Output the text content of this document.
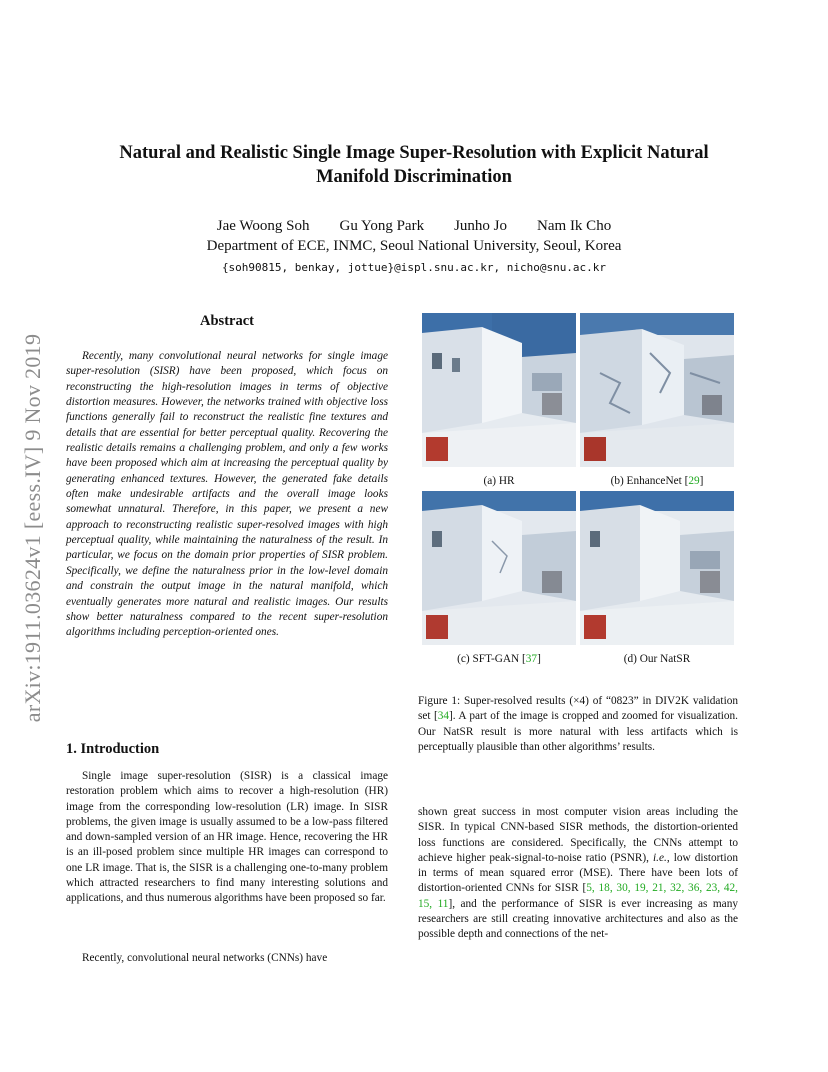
Natural and Realistic Single Image Super-Resolution with Explicit Natural
Manifold Discrimination
Jae Woong Soh Gu Yong Park Junho Jo Nam Ik Cho
Department of ECE, INMC, Seoul National University, Seoul, Korea
{soh90815, benkay, jottue}@ispl.snu.ac.kr, nicho@snu.ac.kr
arXiv:1911.03624v1 [eess.IV] 9 Nov 2019
Abstract

Recently, many convolutional neural networks for single image super-resolution (SISR) have been proposed, which focus on reconstructing the high-resolution images in terms of objective distortion measures. However, the networks trained with objective loss functions generally fail to reconstruct the realistic fine textures and details that are essential for better perceptual quality. Recovering the realistic details remains a challenging problem, and only a few works have been proposed which aim at increasing the perceptual quality by generating enhanced textures. However, the generated fake details often make undesirable artifacts and the overall image looks somewhat unnatural. Therefore, in this paper, we present a new approach to reconstructing realistic super-resolved images with high perceptual quality, while maintaining the naturalness of the result. In particular, we focus on the domain prior properties of SISR problem. Specifically, we define the naturalness prior in the low-level domain and constrain the output image in the natural manifold, which eventually generates more natural and realistic images. Our results show better naturalness compared to the recent super-resolution algorithms including perception-oriented ones.

1. Introduction

Single image super-resolution (SISR) is a classical image restoration problem which aims to recover a high-resolution (HR) image from the corresponding low-resolution (LR) image. In SISR problems, the given image is usually assumed to be a low-pass filtered and down-sampled version of an HR image. Hence, recovering the HR is an ill-posed problem since multiple HR images can correspond to one LR image. That is, the SISR is a challenging one-to-many problem which attracted researchers to find many interesting solutions and applications, and thus numerous algorithms have been proposed so far.

Recently, convolutional neural networks (CNNs) have

(a) HR	(b) EnhanceNet [29]
(c) SFT-GAN [37]	(d) Our NatSR

Figure 1: Super-resolved results (×4) of “0823” in DIV2K validation set [34]. A part of the image is cropped and zoomed for visualization. Our NatSR result is more natural with less artifacts which is perceptually plausible than other algorithms’ results.

shown great success in most computer vision areas including the SISR. In typical CNN-based SISR methods, the distortion-oriented loss functions are considered. Specifically, the CNNs attempt to achieve higher peak-signal-to-noise ratio (PSNR), i.e., low distortion in terms of mean squared error (MSE). There have been lots of distortion-oriented CNNs for SISR [5, 18, 30, 19, 21, 32, 36, 23, 42, 15, 11], and the performance of SISR is ever increasing as many researchers are still creating innovative architectures and also as the possible depth and connections of the net-
